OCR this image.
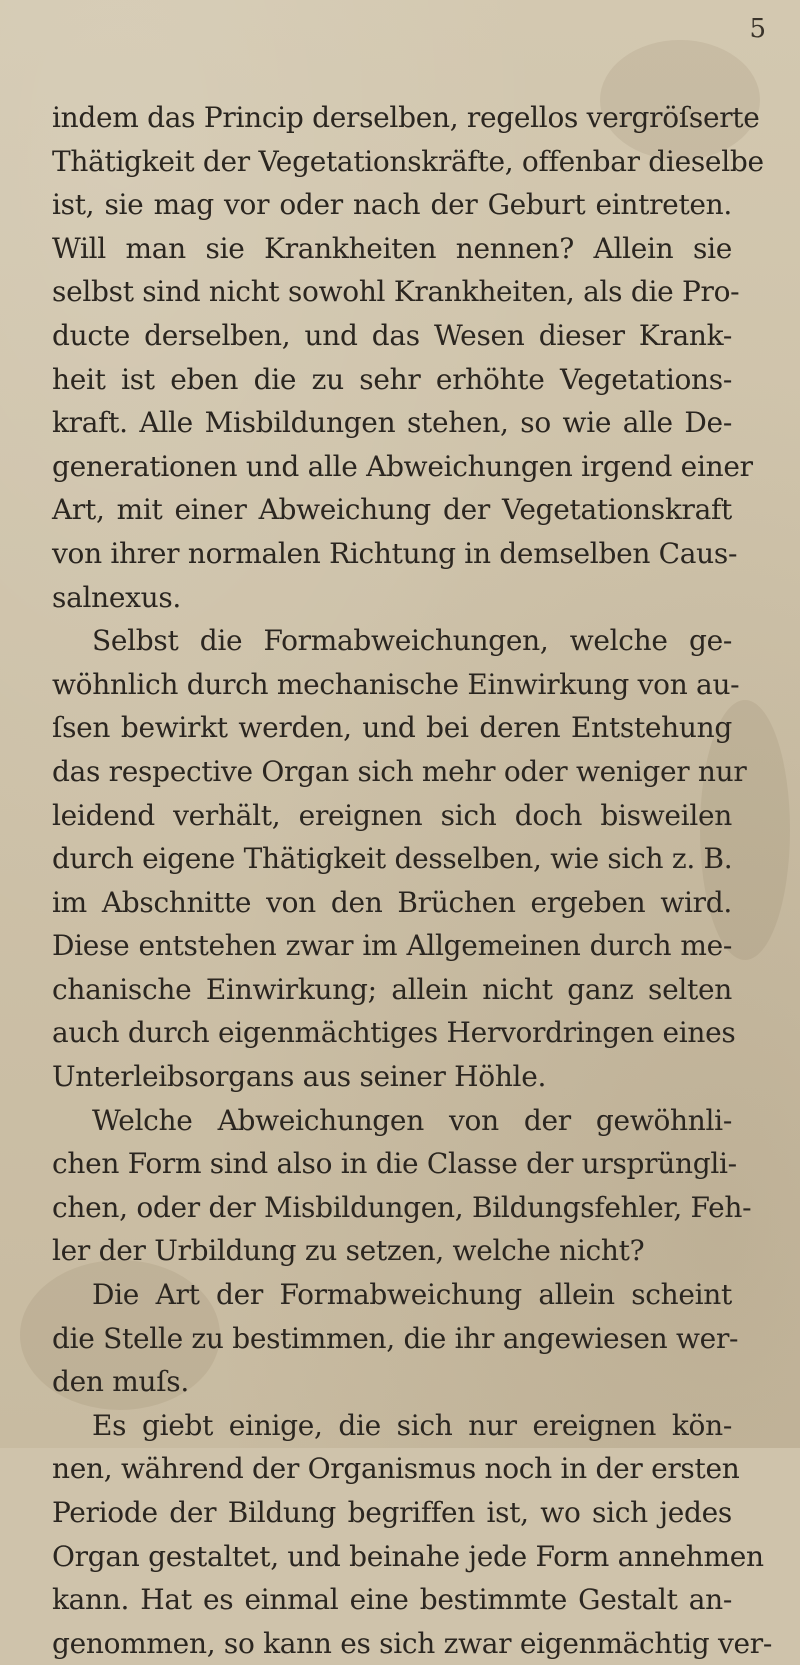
5
indem das Princip derselben, regellos vergröſserte
Thätigkeit der Vegetationskräfte, offenbar dieselbe
ist, sie mag vor oder nach der Geburt eintreten.
Will man sie Krankheiten nennen? Allein sie
selbst sind nicht sowohl Krankheiten, als die Pro-
ducte derselben, und das Wesen dieser Krank-
heit ist eben die zu sehr erhöhte Vegetations-
kraft. Alle Misbildungen stehen, so wie alle De-
generationen und alle Abweichungen irgend einer
Art, mit einer Abweichung der Vegetationskraft
von ihrer normalen Richtung in demselben Caus-
salnexus.
Selbst die Formabweichungen, welche ge-
wöhnlich durch mechanische Einwirkung von au-
ſsen bewirkt werden, und bei deren Entstehung
das respective Organ sich mehr oder weniger nur
leidend verhält, ereignen sich doch bisweilen
durch eigene Thätigkeit desselben, wie sich z. B.
im Abschnitte von den Brüchen ergeben wird.
Diese entstehen zwar im Allgemeinen durch me-
chanische Einwirkung; allein nicht ganz selten
auch durch eigenmächtiges Hervordringen eines
Unterleibsorgans aus seiner Höhle.
Welche Abweichungen von der gewöhnli-
chen Form sind also in die Classe der ursprüngli-
chen, oder der Misbildungen, Bildungsfehler, Feh-
ler der Urbildung zu setzen, welche nicht?
Die Art der Formabweichung allein scheint
die Stelle zu bestimmen, die ihr angewiesen wer-
den muſs.
Es giebt einige, die sich nur ereignen kön-
nen, während der Organismus noch in der ersten
Periode der Bildung begriffen ist, wo sich jedes
Organ gestaltet, und beinahe jede Form annehmen
kann. Hat es einmal eine bestimmte Gestalt an-
genommen, so kann es sich zwar eigenmächtig ver-
